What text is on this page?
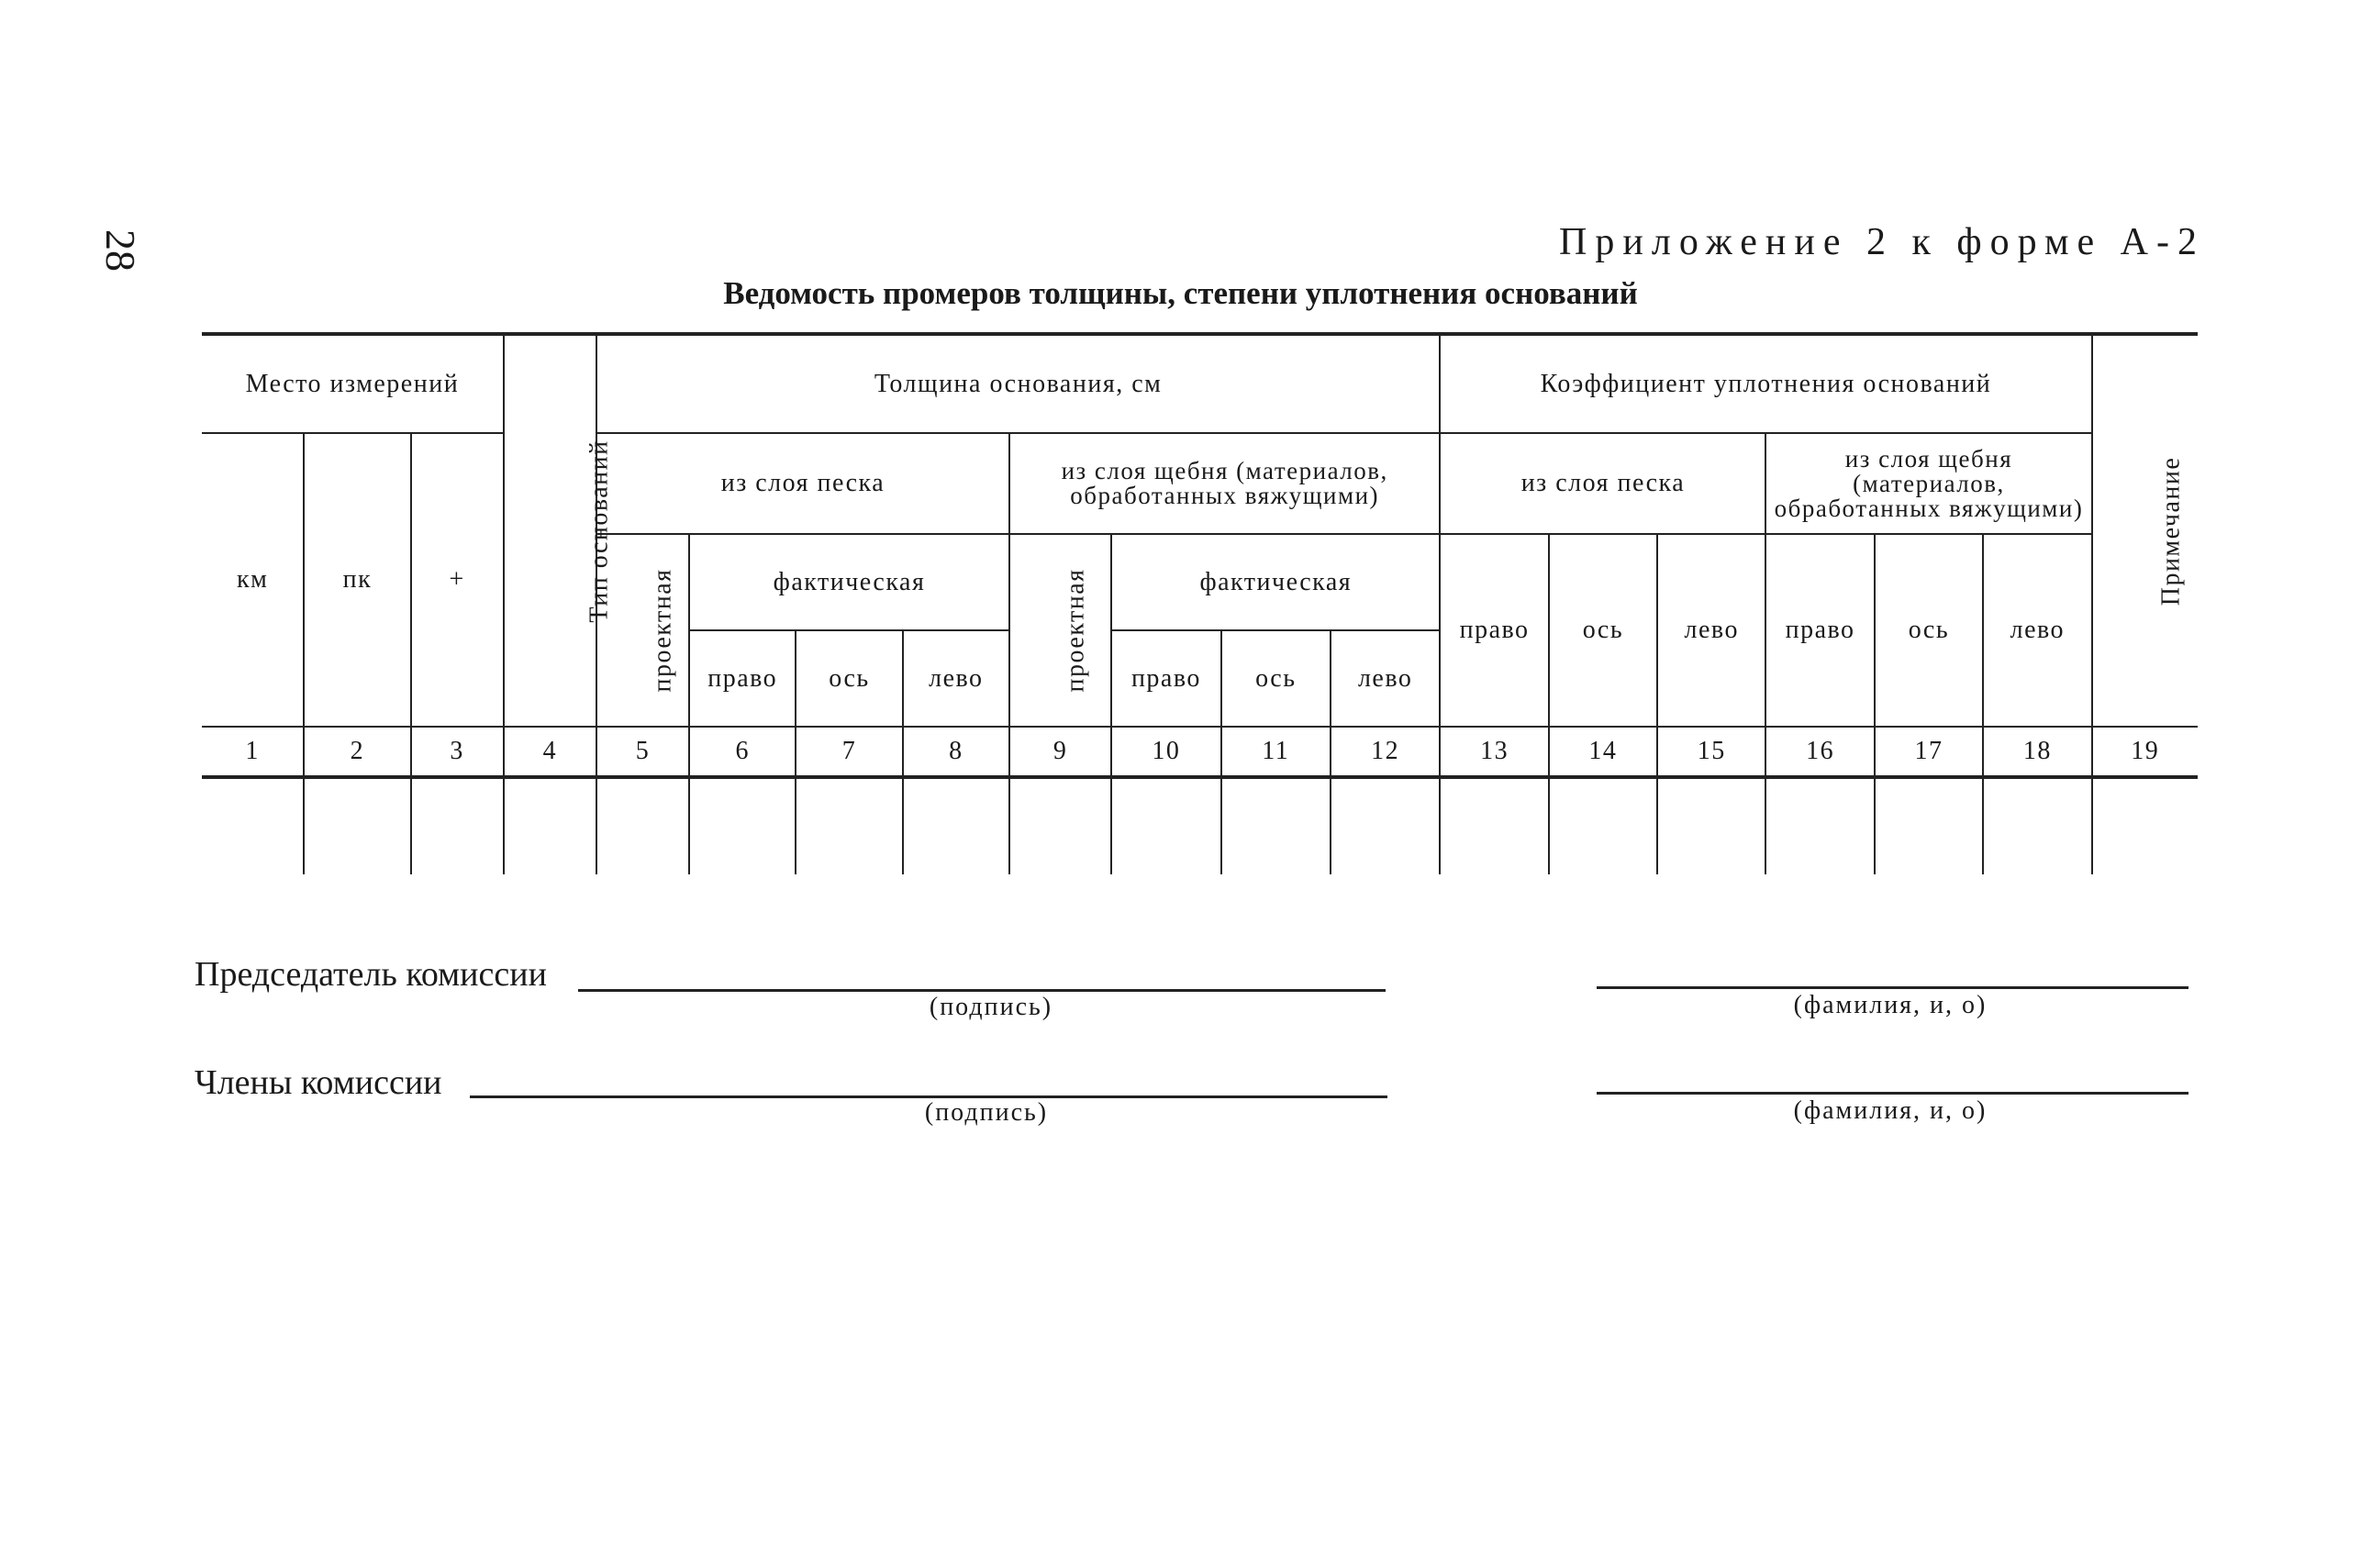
28	Приложение 2 к форме А-2
Ведомость промеров толщины, степени уплотнения оснований
Место измерений			Тип оснований	Толщина основания, см								Коэффициент уплотнения оснований						Примечание
км	пк	+		из слоя песка				из слоя щебня (материалов, обработанных вяжущими)				из слоя песка			из слоя щебня (материалов, обработанных вяжущими)			
				проектная	фактическая			проектная	фактическая			право	ось	лево	право	ось	лево	
					право	ось	лево		право	ось	лево							
1	2	3	4	5	6	7	8	9	10	11	12	13	14	15	16	17	18	19

Председатель комиссии
(подпись)	(фамилия, и, о)
Члены комиссии
(подпись)	(фамилия, и, о)
